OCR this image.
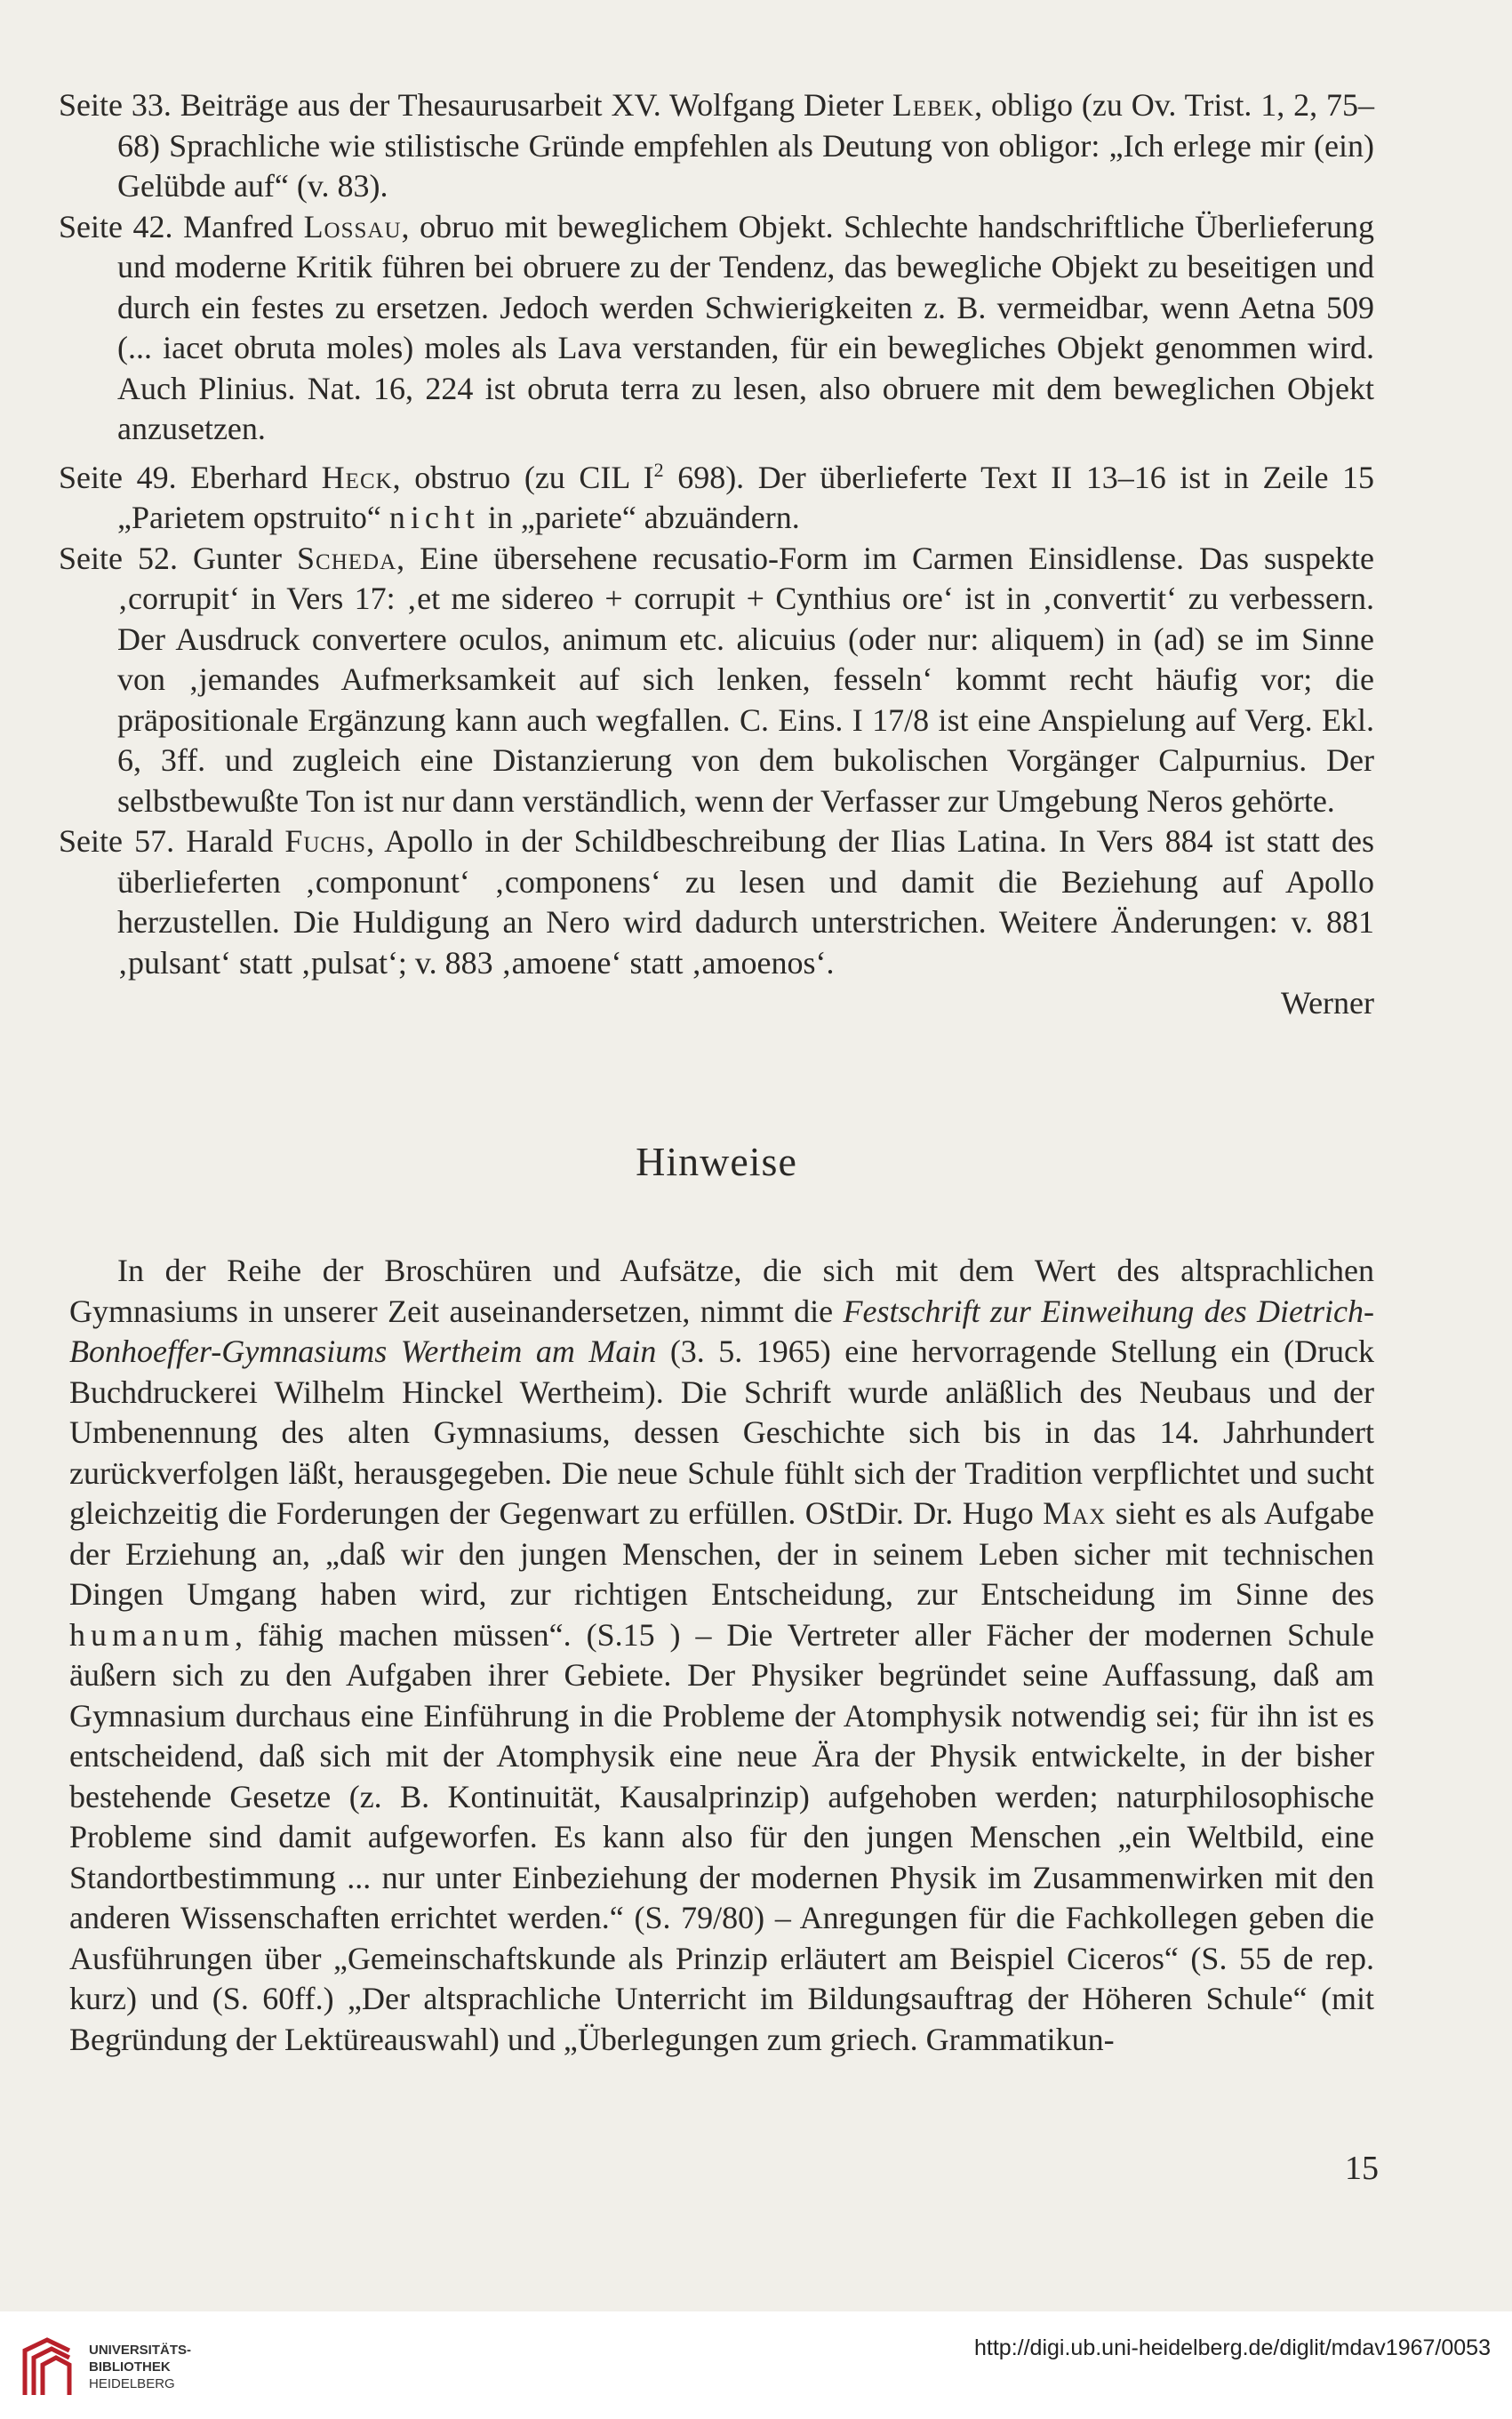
Seite 33. Beiträge aus der Thesaurusarbeit XV. Wolfgang Dieter Lebek, obligo (zu Ov. Trist. 1, 2, 75–68) Sprachliche wie stilistische Gründe empfehlen als Deutung von obligor: „Ich erlege mir (ein) Gelübde auf“ (v. 83).

Seite 42. Manfred Lossau, obruo mit beweglichem Objekt. Schlechte handschriftliche Überlieferung und moderne Kritik führen bei obruere zu der Tendenz, das bewegliche Objekt zu beseitigen und durch ein festes zu ersetzen. Jedoch werden Schwierigkeiten z. B. vermeidbar, wenn Aetna 509 (... iacet obruta moles) moles als Lava verstanden, für ein bewegliches Objekt genommen wird. Auch Plinius. Nat. 16, 224 ist obruta terra zu lesen, also obruere mit dem beweglichen Objekt anzusetzen.

Seite 49. Eberhard Heck, obstruo (zu CIL $I^2$ 698). Der überlieferte Text II 13–16 ist in Zeile 15 „Parietem opstruito“ nicht in „pariete“ abzuändern.

Seite 52. Gunter Scheda, Eine übersehene recusatio-Form im Carmen Einsidlense. Das suspekte ‚corrupit‘ in Vers 17: ‚et me sidereo + corrupit + Cynthius ore‘ ist in ‚convertit‘ zu verbessern. Der Ausdruck convertere oculos, animum etc. alicuius (oder nur: aliquem) in (ad) se im Sinne von ‚jemandes Aufmerksamkeit auf sich lenken, fesseln‘ kommt recht häufig vor; die präpositionale Ergänzung kann auch wegfallen. C. Eins. I 17/8 ist eine Anspielung auf Verg. Ekl. 6, 3ff. und zugleich eine Distanzierung von dem bukolischen Vorgänger Calpurnius. Der selbstbewußte Ton ist nur dann verständlich, wenn der Verfasser zur Umgebung Neros gehörte.

Seite 57. Harald Fuchs, Apollo in der Schildbeschreibung der Ilias Latina. In Vers 884 ist statt des überlieferten ‚componunt‘ ‚componens‘ zu lesen und damit die Beziehung auf Apollo herzustellen. Die Huldigung an Nero wird dadurch unterstrichen. Weitere Änderungen: v. 881 ‚pulsant‘ statt ‚pulsat‘; v. 883 ‚amoene‘ statt ‚amoenos‘.

Werner

Hinweise

In der Reihe der Broschüren und Aufsätze, die sich mit dem Wert des altsprachlichen Gymnasiums in unserer Zeit auseinandersetzen, nimmt die Festschrift zur Einweihung des Dietrich-Bonhoeffer-Gymnasiums Wertheim am Main (3. 5. 1965) eine hervorragende Stellung ein (Druck Buchdruckerei Wilhelm Hinckel Wertheim). Die Schrift wurde anläßlich des Neubaus und der Umbenennung des alten Gymnasiums, dessen Geschichte sich bis in das 14. Jahrhundert zurückverfolgen läßt, herausgegeben. Die neue Schule fühlt sich der Tradition verpflichtet und sucht gleichzeitig die Forderungen der Gegenwart zu erfüllen. OStDir. Dr. Hugo Max sieht es als Aufgabe der Erziehung an, „daß wir den jungen Menschen, der in seinem Leben sicher mit technischen Dingen Umgang haben wird, zur richtigen Entscheidung, zur Entscheidung im Sinne des humanum, fähig machen müssen“. (S.15 ) – Die Vertreter aller Fächer der modernen Schule äußern sich zu den Aufgaben ihrer Gebiete. Der Physiker begründet seine Auffassung, daß am Gymnasium durchaus eine Einführung in die Probleme der Atomphysik notwendig sei; für ihn ist es entscheidend, daß sich mit der Atomphysik eine neue Ära der Physik entwickelte, in der bisher bestehende Gesetze (z. B. Kontinuität, Kausalprinzip) aufgehoben werden; naturphilosophische Probleme sind damit aufgeworfen. Es kann also für den jungen Menschen „ein Weltbild, eine Standortbestimmung ... nur unter Einbeziehung der modernen Physik im Zusammenwirken mit den anderen Wissenschaften errichtet werden.“ (S. 79/80) – Anregungen für die Fachkollegen geben die Ausführungen über „Gemeinschaftskunde als Prinzip erläutert am Beispiel Ciceros“ (S. 55 de rep. kurz) und (S. 60ff.) „Der altsprachliche Unterricht im Bildungsauftrag der Höheren Schule“ (mit Begründung der Lektüreauswahl) und „Überlegungen zum griech. Grammatikun-

15
UNIVERSITÄTS-
BIBLIOTHEK
HEIDELBERG
http://digi.ub.uni-heidelberg.de/diglit/mdav1967/0053
